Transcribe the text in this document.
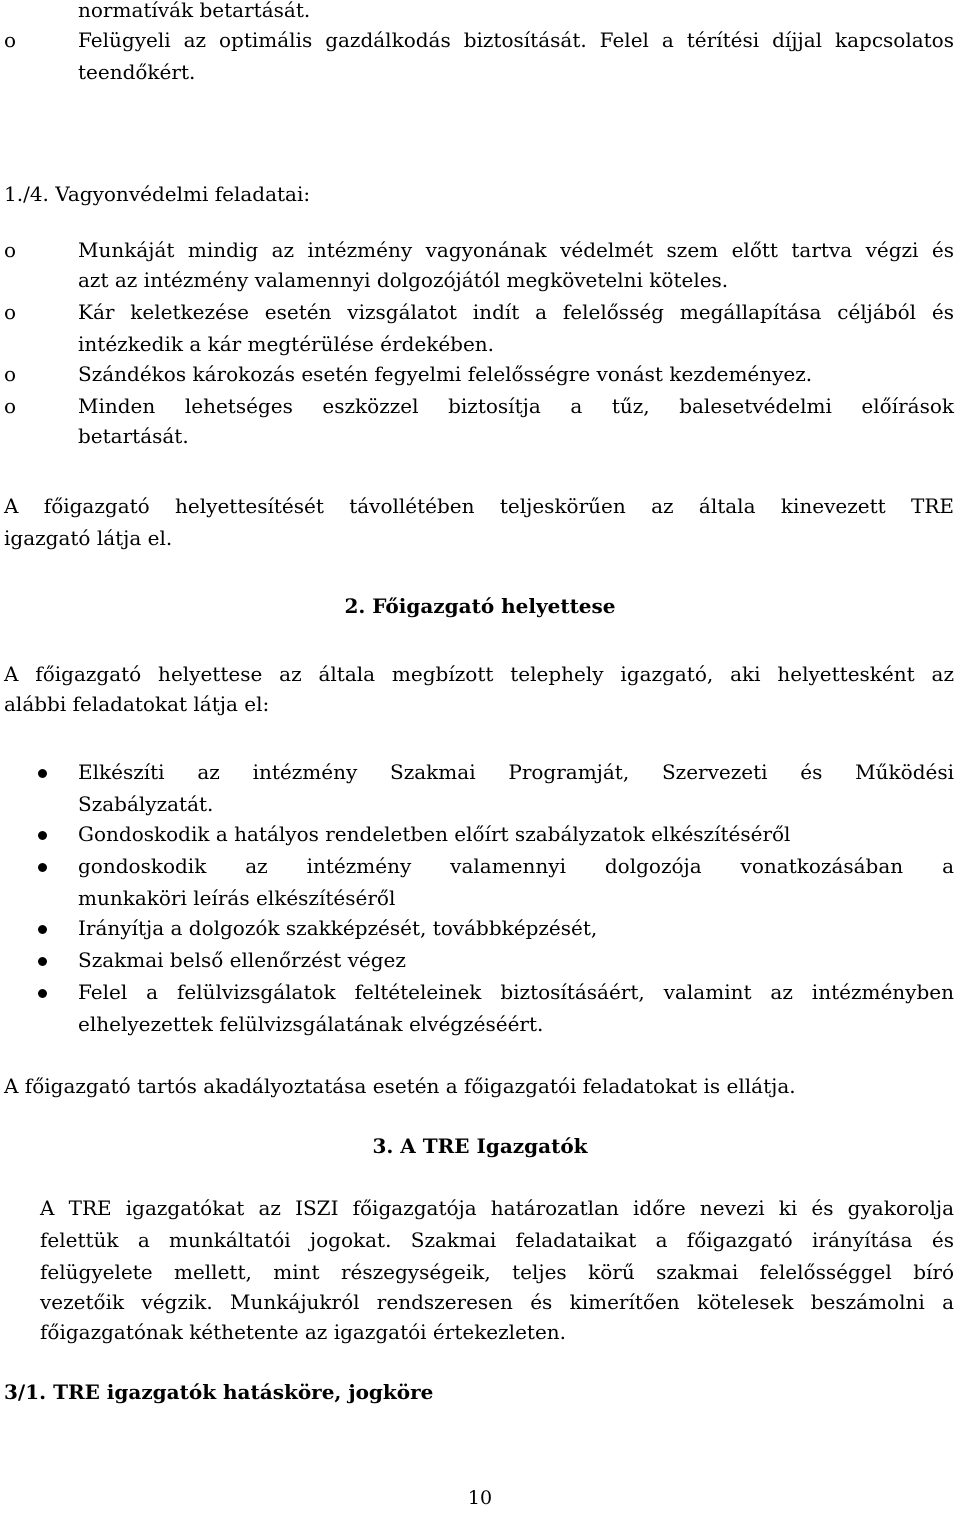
normatívák betartását.
o	Felügyeli az optimális gazdálkodás biztosítását. Felel a térítési díjjal kapcsolatos
teendőkért.
1./4. Vagyonvédelmi feladatai:
o	Munkáját mindig az intézmény vagyonának védelmét szem előtt tartva végzi és
azt az intézmény valamennyi dolgozójától megkövetelni köteles.
o	Kár keletkezése esetén vizsgálatot indít a felelősség megállapítása céljából és
intézkedik a kár megtérülése érdekében.
o	Szándékos károkozás esetén fegyelmi felelősségre vonást kezdeményez.
o	Minden lehetséges eszközzel biztosítja a tűz, balesetvédelmi előírások
betartását.
A főigazgató helyettesítését távollétében teljeskörűen az általa kinevezett TRE
igazgató látja el.
2. Főigazgató helyettese
A főigazgató helyettese az általa megbízott telephely igazgató, aki helyettesként az
alábbi feladatokat látja el:
Elkészíti az intézmény Szakmai Programját, Szervezeti és Működési
Szabályzatát.
Gondoskodik a hatályos rendeletben előírt szabályzatok elkészítéséről
gondoskodik az intézmény valamennyi dolgozója vonatkozásában a
munkaköri leírás elkészítéséről
Irányítja a dolgozók szakképzését, továbbképzését,
Szakmai belső ellenőrzést végez
Felel a felülvizsgálatok feltételeinek biztosításáért, valamint az intézményben
elhelyezettek felülvizsgálatának elvégzéséért.
A főigazgató tartós akadályoztatása esetén a főigazgatói feladatokat is ellátja.
3. A TRE Igazgatók
A TRE igazgatókat az ISZI főigazgatója határozatlan időre nevezi ki és gyakorolja
felettük a munkáltatói jogokat. Szakmai feladataikat a főigazgató irányítása és
felügyelete mellett, mint részegységeik, teljes körű szakmai felelősséggel bíró
vezetőik végzik. Munkájukról rendszeresen és kimerítően kötelesek beszámolni a
főigazgatónak kéthetente az igazgatói értekezleten.
3/1. TRE igazgatók hatásköre, jogköre
10
